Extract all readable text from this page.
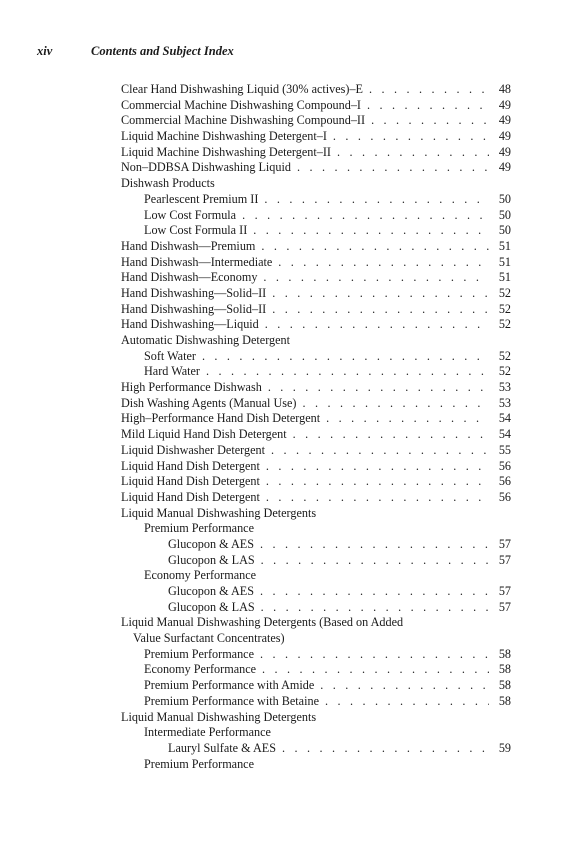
xiv	Contents and Subject Index
Clear Hand Dishwashing Liquid (30% actives)–E . . .	48
Commercial Machine Dishwashing Compound–I . . .	49
Commercial Machine Dishwashing Compound–II . . .	49
Liquid Machine Dishwashing Detergent–I . . .	49
Liquid Machine Dishwashing Detergent–II . . .	49
Non–DDBSA Dishwashing Liquid . . .	49
Dishwash Products
Pearlescent Premium II . . .	50
Low Cost Formula . . .	50
Low Cost Formula II . . .	50
Hand Dishwash—Premium . . .	51
Hand Dishwash—Intermediate . . .	51
Hand Dishwash—Economy . . .	51
Hand Dishwashing—Solid–II . . .	52
Hand Dishwashing—Solid–II . . .	52
Hand Dishwashing—Liquid . . .	52
Automatic Dishwashing Detergent
Soft Water . . .	52
Hard Water . . .	52
High Performance Dishwash . . .	53
Dish Washing Agents (Manual Use) . . .	53
High–Performance Hand Dish Detergent . . .	54
Mild Liquid Hand Dish Detergent . . .	54
Liquid Dishwasher Detergent . . .	55
Liquid Hand Dish Detergent . . .	56
Liquid Hand Dish Detergent . . .	56
Liquid Hand Dish Detergent . . .	56
Liquid Manual Dishwashing Detergents
Premium Performance
Glucopon & AES . . .	57
Glucopon & LAS . . .	57
Economy Performance
Glucopon & AES . . .	57
Glucopon & LAS . . .	57
Liquid Manual Dishwashing Detergents (Based on Added
Value Surfactant Concentrates)
Premium Performance . . .	58
Economy Performance . . .	58
Premium Performance with Amide . . .	58
Premium Performance with Betaine . . .	58
Liquid Manual Dishwashing Detergents
Intermediate Performance
Lauryl Sulfate & AES . . .	59
Premium Performance
